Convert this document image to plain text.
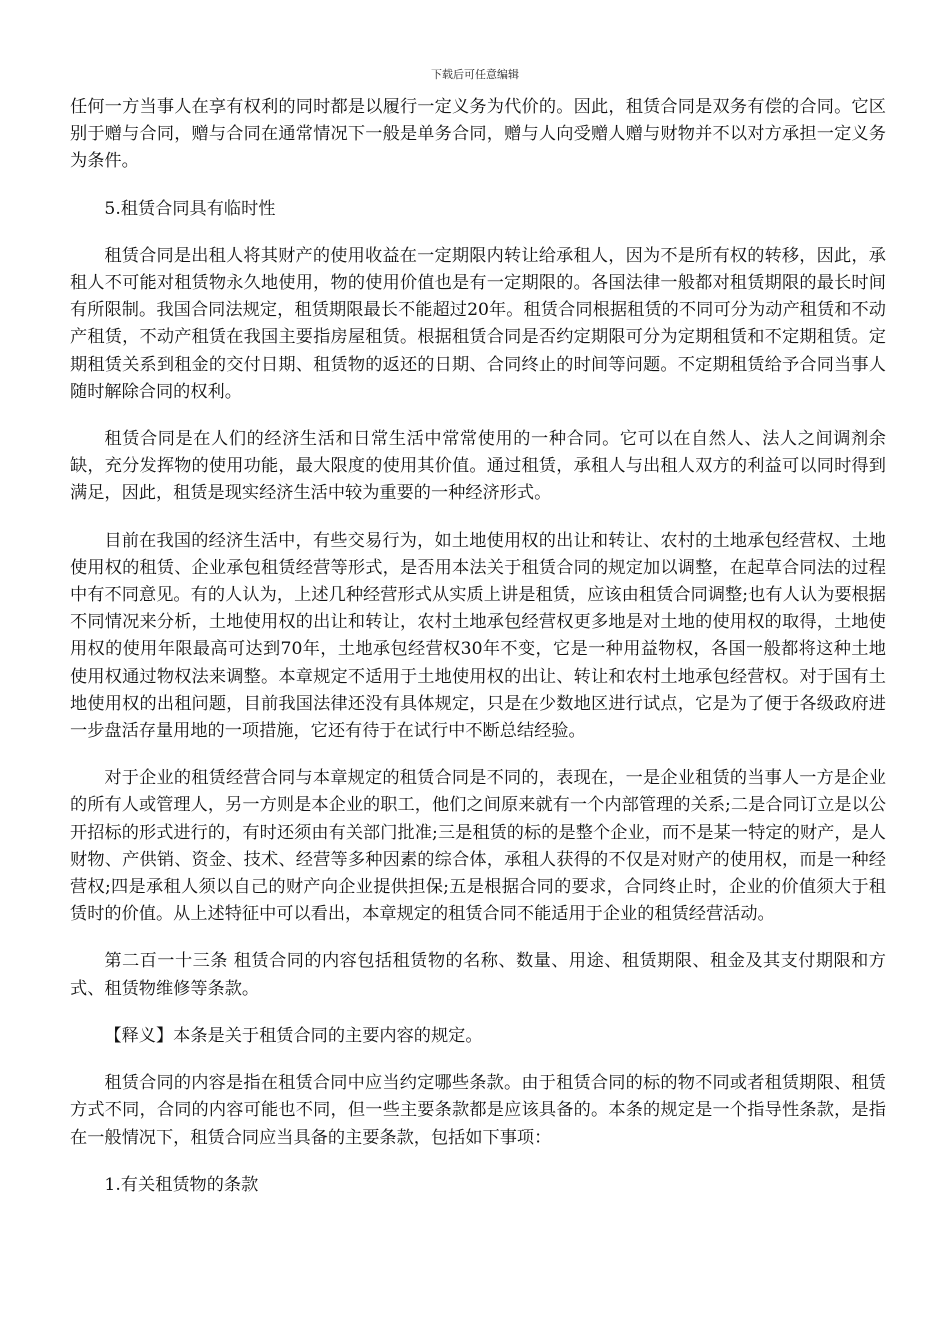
下载后可任意编辑

任何一方当事人在享有权利的同时都是以履行一定义务为代价的。因此，租赁合同是双务有偿的合同。它区别于赠与合同，赠与合同在通常情况下一般是单务合同，赠与人向受赠人赠与财物并不以对方承担一定义务为条件。

5.租赁合同具有临时性

租赁合同是出租人将其财产的使用收益在一定期限内转让给承租人，因为不是所有权的转移，因此，承租人不可能对租赁物永久地使用，物的使用价值也是有一定期限的。各国法律一般都对租赁期限的最长时间有所限制。我国合同法规定，租赁期限最长不能超过20年。租赁合同根据租赁的不同可分为动产租赁和不动产租赁，不动产租赁在我国主要指房屋租赁。根据租赁合同是否约定期限可分为定期租赁和不定期租赁。定期租赁关系到租金的交付日期、租赁物的返还的日期、合同终止的时间等问题。不定期租赁给予合同当事人随时解除合同的权利。

租赁合同是在人们的经济生活和日常生活中常常使用的一种合同。它可以在自然人、法人之间调剂余缺，充分发挥物的使用功能，最大限度的使用其价值。通过租赁，承租人与出租人双方的利益可以同时得到满足，因此，租赁是现实经济生活中较为重要的一种经济形式。

目前在我国的经济生活中，有些交易行为，如土地使用权的出让和转让、农村的土地承包经营权、土地使用权的租赁、企业承包租赁经营等形式，是否用本法关于租赁合同的规定加以调整，在起草合同法的过程中有不同意见。有的人认为，上述几种经营形式从实质上讲是租赁，应该由租赁合同调整;也有人认为要根据不同情况来分析，土地使用权的出让和转让，农村土地承包经营权更多地是对土地的使用权的取得，土地使用权的使用年限最高可达到70年，土地承包经营权30年不变，它是一种用益物权，各国一般都将这种土地使用权通过物权法来调整。本章规定不适用于土地使用权的出让、转让和农村土地承包经营权。对于国有土地使用权的出租问题，目前我国法律还没有具体规定，只是在少数地区进行试点，它是为了便于各级政府进一步盘活存量用地的一项措施，它还有待于在试行中不断总结经验。

对于企业的租赁经营合同与本章规定的租赁合同是不同的，表现在，一是企业租赁的当事人一方是企业的所有人或管理人，另一方则是本企业的职工，他们之间原来就有一个内部管理的关系;二是合同订立是以公开招标的形式进行的，有时还须由有关部门批准;三是租赁的标的是整个企业，而不是某一特定的财产，是人财物、产供销、资金、技术、经营等多种因素的综合体，承租人获得的不仅是对财产的使用权，而是一种经营权;四是承租人须以自己的财产向企业提供担保;五是根据合同的要求，合同终止时，企业的价值须大于租赁时的价值。从上述特征中可以看出，本章规定的租赁合同不能适用于企业的租赁经营活动。

第二百一十三条 租赁合同的内容包括租赁物的名称、数量、用途、租赁期限、租金及其支付期限和方式、租赁物维修等条款。

【释义】本条是关于租赁合同的主要内容的规定。

租赁合同的内容是指在租赁合同中应当约定哪些条款。由于租赁合同的标的物不同或者租赁期限、租赁方式不同，合同的内容可能也不同，但一些主要条款都是应该具备的。本条的规定是一个指导性条款，是指在一般情况下，租赁合同应当具备的主要条款，包括如下事项：

1.有关租赁物的条款
